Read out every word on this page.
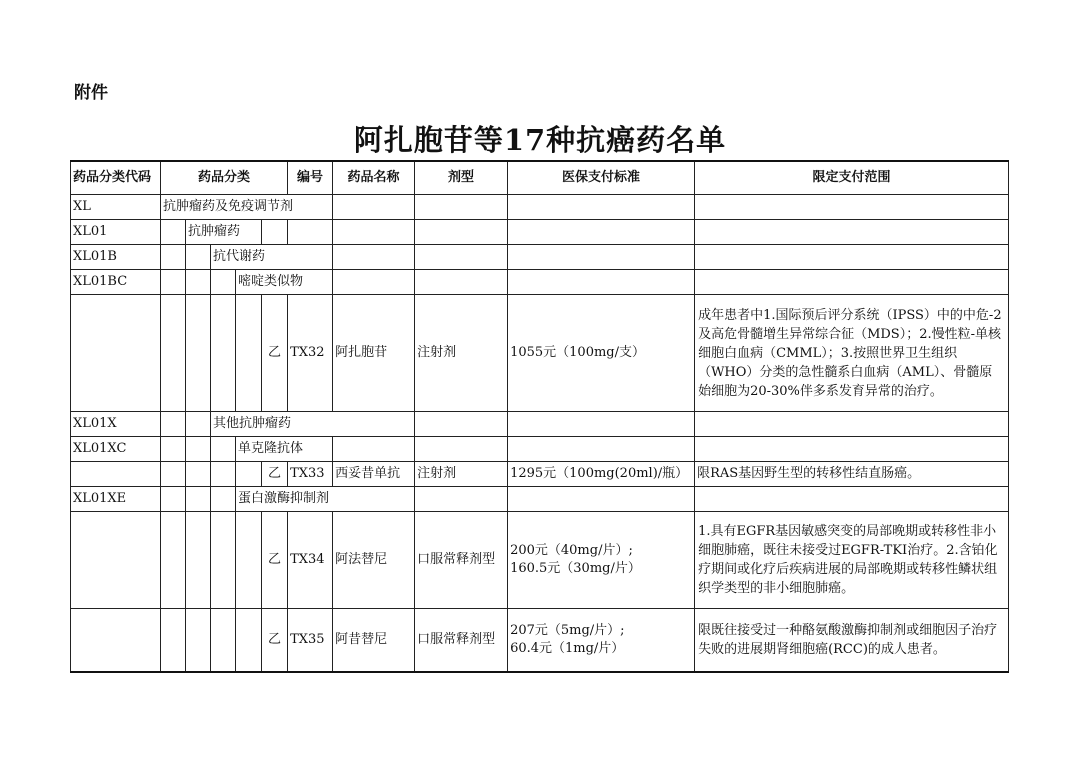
附件
阿扎胞苷等17种抗癌药名单
药品分类代码	药品分类					编号	药品名称	剂型	医保支付标准	限定支付范围
XL	抗肿瘤药及免疫调节剂									
XL01		抗肿瘤药								
XL01B			抗代谢药							
XL01BC				嘧啶类似物						
					乙	TX32	阿扎胞苷	注射剂	1055元（100mg/支）	成年患者中1.国际预后评分系统（IPSS）中的中危-2及高危骨髓增生异常综合征（MDS）；2.慢性粒-单核细胞白血病（CMML）；3.按照世界卫生组织（WHO）分类的急性髓系白血病（AML）、骨髓原始细胞为20-30%伴多系发育异常的治疗。
XL01X			其他抗肿瘤药							
XL01XC				单克隆抗体						
					乙	TX33	西妥昔单抗	注射剂	1295元（100mg(20ml)/瓶）	限RAS基因野生型的转移性结直肠癌。
XL01XE				蛋白激酶抑制剂						
					乙	TX34	阿法替尼	口服常释剂型	200元（40mg/片）;
160.5元（30mg/片）	1.具有EGFR基因敏感突变的局部晚期或转移性非小细胞肺癌，既往未接受过EGFR-TKI治疗。2.含铂化疗期间或化疗后疾病进展的局部晚期或转移性鳞状组织学类型的非小细胞肺癌。
					乙	TX35	阿昔替尼	口服常释剂型	207元（5mg/片）;
60.4元（1mg/片）	限既往接受过一种酪氨酸激酶抑制剂或细胞因子治疗失败的进展期肾细胞癌(RCC)的成人患者。
